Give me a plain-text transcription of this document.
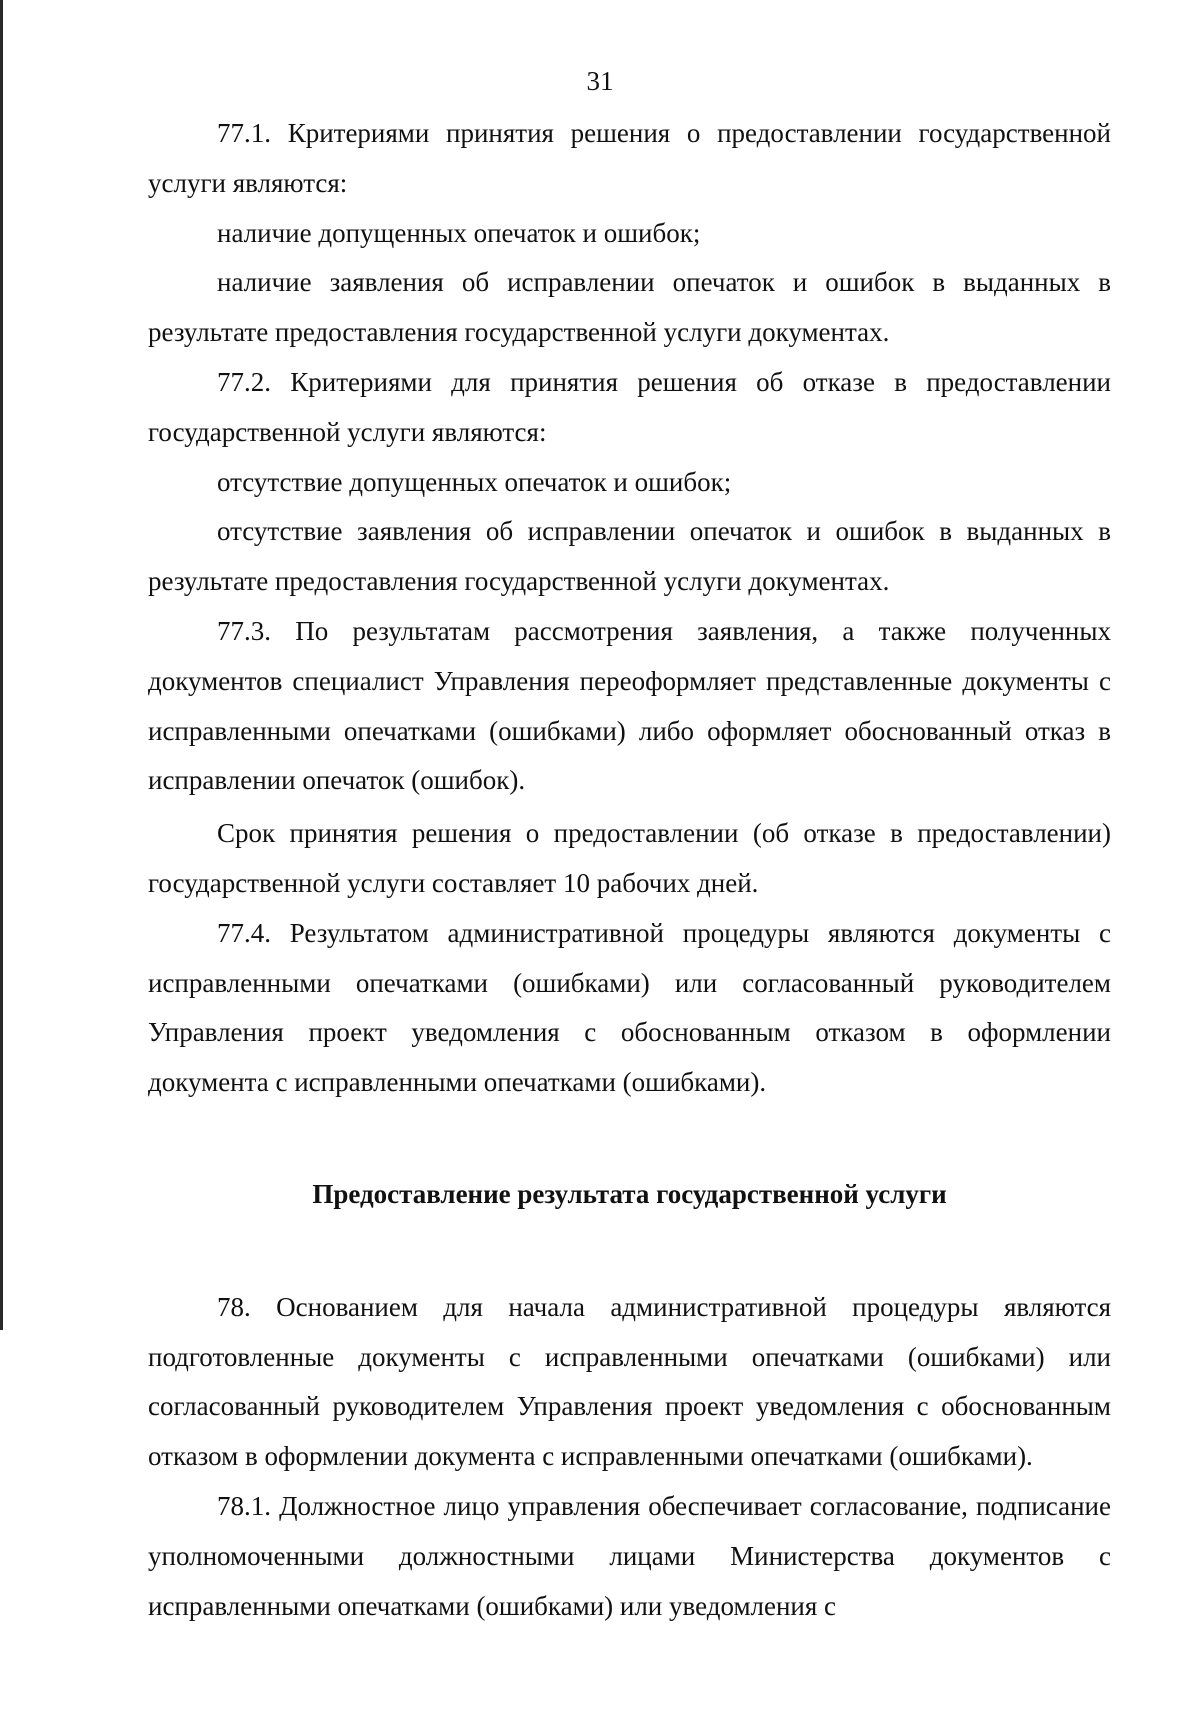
31

77.1. Критериями принятия решения о предоставлении государственной услуги являются:

наличие допущенных опечаток и ошибок;

наличие заявления об исправлении опечаток и ошибок в выданных в результате предоставления государственной услуги документах.

77.2. Критериями для принятия решения об отказе в предоставлении государственной услуги являются:

отсутствие допущенных опечаток и ошибок;

отсутствие заявления об исправлении опечаток и ошибок в выданных в результате предоставления государственной услуги документах.

77.3. По результатам рассмотрения заявления, а также полученных документов специалист Управления переоформляет представленные документы с исправленными опечатками (ошибками) либо оформляет обоснованный отказ в исправлении опечаток (ошибок).

Срок принятия решения о предоставлении (об отказе в предоставлении) государственной услуги составляет 10 рабочих дней.

77.4. Результатом административной процедуры являются документы с исправленными опечатками (ошибками) или согласованный руководителем Управления проект уведомления с обоснованным отказом в оформлении документа с исправленными опечатками (ошибками).

Предоставление результата государственной услуги

78. Основанием для начала административной процедуры являются подготовленные документы с исправленными опечатками (ошибками) или согласованный руководителем Управления проект уведомления с обоснованным отказом в оформлении документа с исправленными опечатками (ошибками).

78.1. Должностное лицо управления обеспечивает согласование, подписание уполномоченными должностными лицами Министерства документов с исправленными опечатками (ошибками) или уведомления с
